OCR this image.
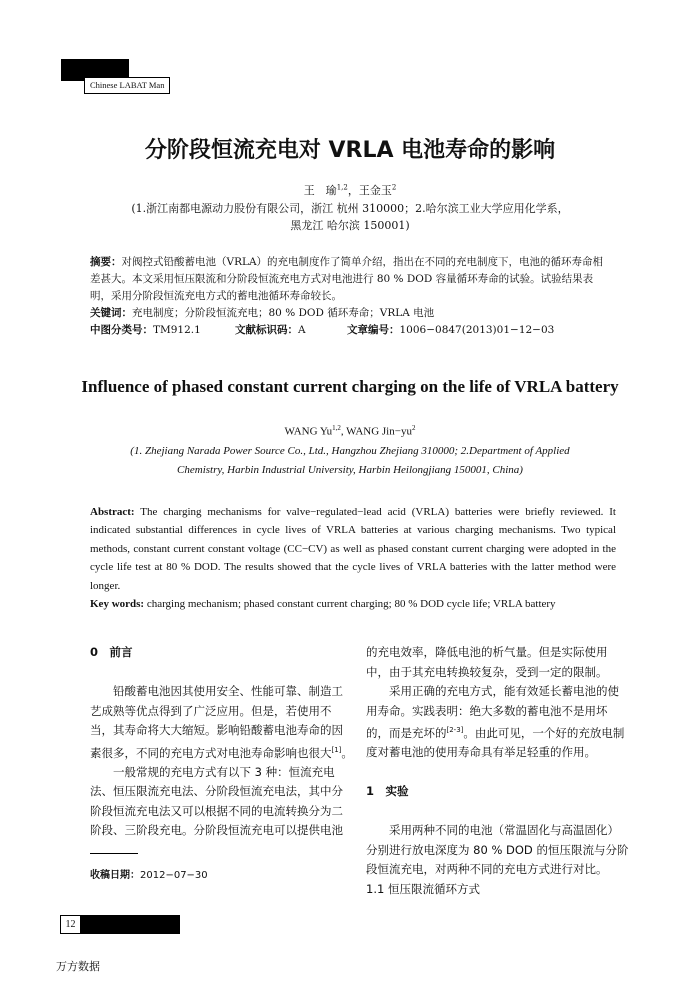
Chinese LABAT Man
分阶段恒流充电对 VRLA 电池寿命的影响
王　瑜$^{1,2}$，王金玉$^2$
(1.浙江南都电源动力股份有限公司，浙江 杭州 310000；2.哈尔滨工业大学应用化学系，
黑龙江 哈尔滨 150001)

摘要：对阀控式铅酸蓄电池（VRLA）的充电制度作了简单介绍，指出在不同的充电制度下，电池的循环寿命相差甚大。本文采用恒压限流和分阶段恒流充电方式对电池进行 80 % DOD 容量循环寿命的试验。试验结果表明，采用分阶段恒流充电方式的蓄电池循环寿命较长。

关键词：充电制度；分阶段恒流充电；80 % DOD 循环寿命；VRLA 电池

中图分类号：TM912.1	文献标识码：A	文章编号：1006−0847(2013)01−12−03

Influence of phased constant current charging on the life of VRLA battery
WANG Yu$^{1,2}$, WANG $Jin-yu^2$
(1. Zhejiang Narada Power Source Co., Ltd., Hangzhou Zhejiang 310000; 2.Department of Applied
Chemistry, Harbin Industrial University, Harbin Heilongjiang 150001, China)

Abstract: The charging mechanisms for valve−regulated−lead acid (VRLA) batteries were briefly reviewed. It indicated substantial differences in cycle lives of VRLA batteries at various charging mechanisms. Two typical methods, constant current constant voltage (CC−CV) as well as phased constant current charging were adopted in the cycle life test at 80 % DOD. The results showed that the cycle lives of VRLA batteries with the latter method were longer.

Key words: charging mechanism; phased constant current charging; 80 % DOD cycle life; VRLA battery

0　前言

铅酸蓄电池因其使用安全、性能可靠、制造工艺成熟等优点得到了广泛应用。但是，若使用不当，其寿命将大大缩短。影响铅酸蓄电池寿命的因素很多，不同的充电方式对电池寿命影响也很大[1]。

一般常规的充电方式有以下 3 种：恒流充电法、恒压限流充电法、分阶段恒流充电法，其中分阶段恒流充电法又可以根据不同的电流转换分为二阶段、三阶段充电。分阶段恒流充电可以提供电池

的充电效率，降低电池的析气量。但是实际使用中，由于其充电转换较复杂，受到一定的限制。

采用正确的充电方式，能有效延长蓄电池的使用寿命。实践表明：绝大多数的蓄电池不是用坏的，而是充坏的[2-3]。由此可见，一个好的充放电制度对蓄电池的使用寿命具有举足轻重的作用。

1　实验

采用两种不同的电池（常温固化与高温固化）分别进行放电深度为 80 % DOD 的恒压限流与分阶段恒流充电，对两种不同的充电方式进行对比。

1.1 恒压限流循环方式

收稿日期：2012−07−30
12
万方数据
